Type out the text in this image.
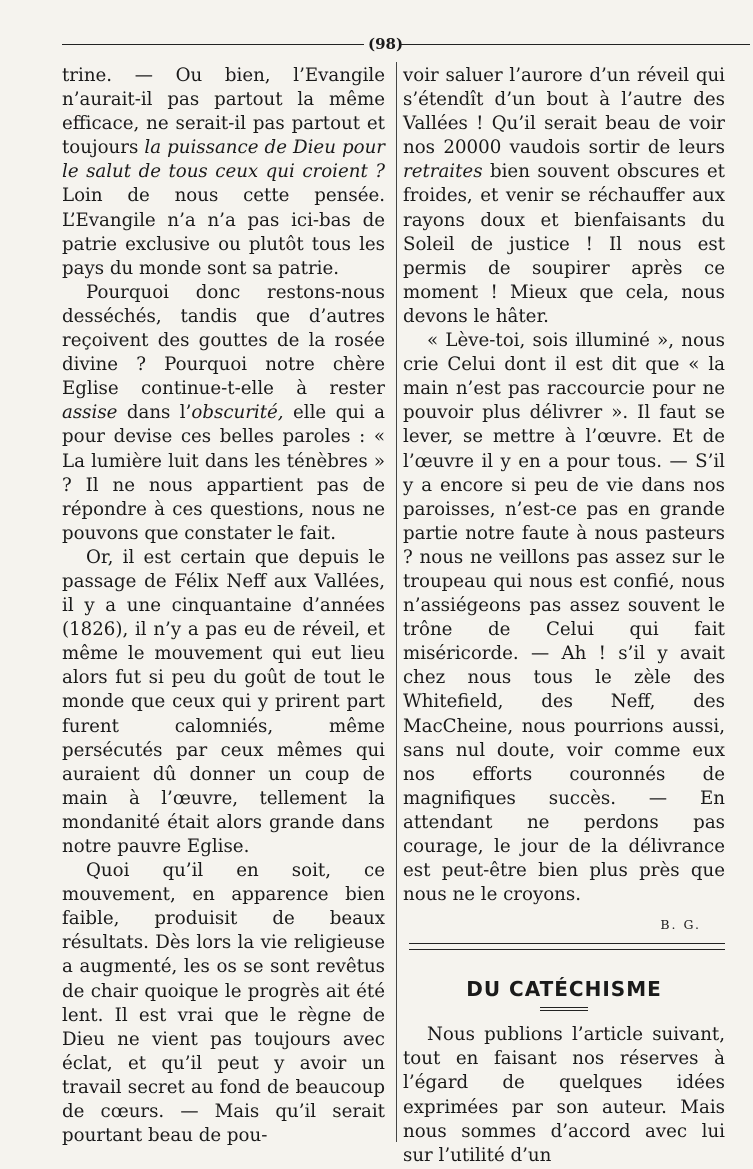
(98)

trine. — Ou bien, l’Evangile n’aurait-il pas partout la même efficace, ne serait-il pas partout et toujours la puissance de Dieu pour le salut de tous ceux qui croient ? Loin de nous cette pensée. L’Evangile n’a n’a pas ici-bas de patrie exclusive ou plutôt tous les pays du monde sont sa patrie.

Pourquoi donc restons-nous desséchés, tandis que d’autres reçoivent des gouttes de la rosée divine ? Pourquoi notre chère Eglise continue-t-elle à rester assise dans l’obscurité, elle qui a pour devise ces belles paroles : « La lumière luit dans les ténèbres » ? Il ne nous appartient pas de répondre à ces questions, nous ne pouvons que constater le fait.

Or, il est certain que depuis le passage de Félix Neff aux Vallées, il y a une cinquantaine d’années (1826), il n’y a pas eu de réveil, et même le mouvement qui eut lieu alors fut si peu du goût de tout le monde que ceux qui y prirent part furent calomniés, même persécutés par ceux mêmes qui auraient dû donner un coup de main à l’œuvre, tellement la mondanité était alors grande dans notre pauvre Eglise.

Quoi qu’il en soit, ce mouvement, en apparence bien faible, produisit de beaux résultats. Dès lors la vie religieuse a augmenté, les os se sont revêtus de chair quoique le progrès ait été lent. Il est vrai que le règne de Dieu ne vient pas toujours avec éclat, et qu’il peut y avoir un travail secret au fond de beaucoup de cœurs. — Mais qu’il serait pourtant beau de pou-

voir saluer l’aurore d’un réveil qui s’étendît d’un bout à l’autre des Vallées ! Qu’il serait beau de voir nos 20000 vaudois sortir de leurs retraites bien souvent obscures et froides, et venir se réchauffer aux rayons doux et bienfaisants du Soleil de justice ! Il nous est permis de soupirer après ce moment ! Mieux que cela, nous devons le hâter.

« Lève-toi, sois illuminé », nous crie Celui dont il est dit que « la main n’est pas raccourcie pour ne pouvoir plus délivrer ». Il faut se lever, se mettre à l’œuvre. Et de l’œuvre il y en a pour tous. — S’il y a encore si peu de vie dans nos paroisses, n’est-ce pas en grande partie notre faute à nous pasteurs ? nous ne veillons pas assez sur le troupeau qui nous est confié, nous n’assiégeons pas assez souvent le trône de Celui qui fait miséricorde. — Ah ! s’il y avait chez nous tous le zèle des Whitefield, des Neff, des MacCheine, nous pourrions aussi, sans nul doute, voir comme eux nos efforts couronnés de magnifiques succès. — En attendant ne perdons pas courage, le jour de la délivrance est peut-être bien plus près que nous ne le croyons.

B. G.
DU CATÉCHISME

Nous publions l’article suivant, tout en faisant nos réserves à l’égard de quelques idées exprimées par son auteur. Mais nous sommes d’accord avec lui sur l’utilité d’un
